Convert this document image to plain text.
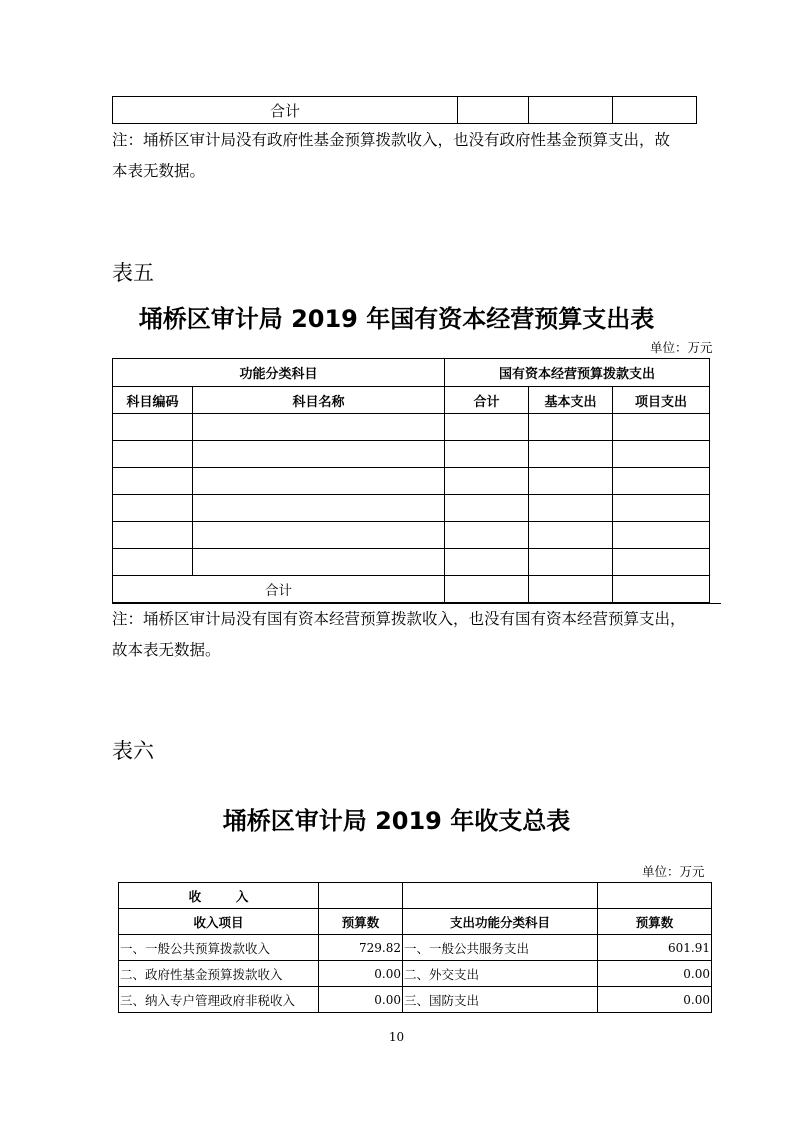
合计			
注：埇桥区审计局没有政府性基金预算拨款收入，也没有政府性基金预算支出，故
本表无数据。
表五
埇桥区审计局 2019 年国有资本经营预算支出表
单位：万元
功能分类科目		国有资本经营预算拨款支出		
科目编码	科目名称	合计	基本支出	项目支出

合计				
注：埇桥区审计局没有国有资本经营预算拨款收入，也没有国有资本经营预算支出，
故本表无数据。
表六
埇桥区审计局 2019 年收支总表
单位：万元
收        入			
收入项目	预算数	支出功能分类科目	预算数
一、一般公共预算拨款收入	729.82	一、一般公共服务支出	601.91
二、政府性基金预算拨款收入	0.00	二、外交支出	0.00
三、纳入专户管理政府非税收入	0.00	三、国防支出	0.00
10
